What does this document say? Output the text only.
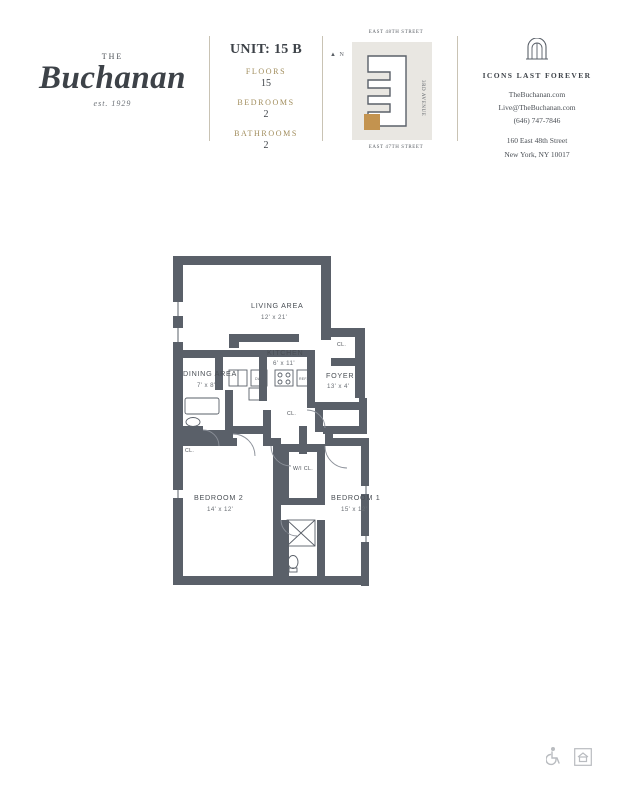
THE
Buchanan
est. 1929
UNIT: 15 B
FLOORS
15
BEDROOMS
2
BATHROOMS
2
▲ N
EAST 48TH STREET
3RD AVENUE
EAST 47TH STREET
ICONS LAST FOREVER
TheBuchanan.com
Live@TheBuchanan.com
(646) 747-7846
160 East 48th Street
New York, NY 10017
LIVING AREA
12' x 21'
DINING AREA
7' x 8'
KITCHEN
6' x 11'
FOYER
13' x 4'
BEDROOM 2
14' x 12'
BEDROOM 1
15' x 12'
CL.
CL.
CL.
W/I CL.
DW	REF.
